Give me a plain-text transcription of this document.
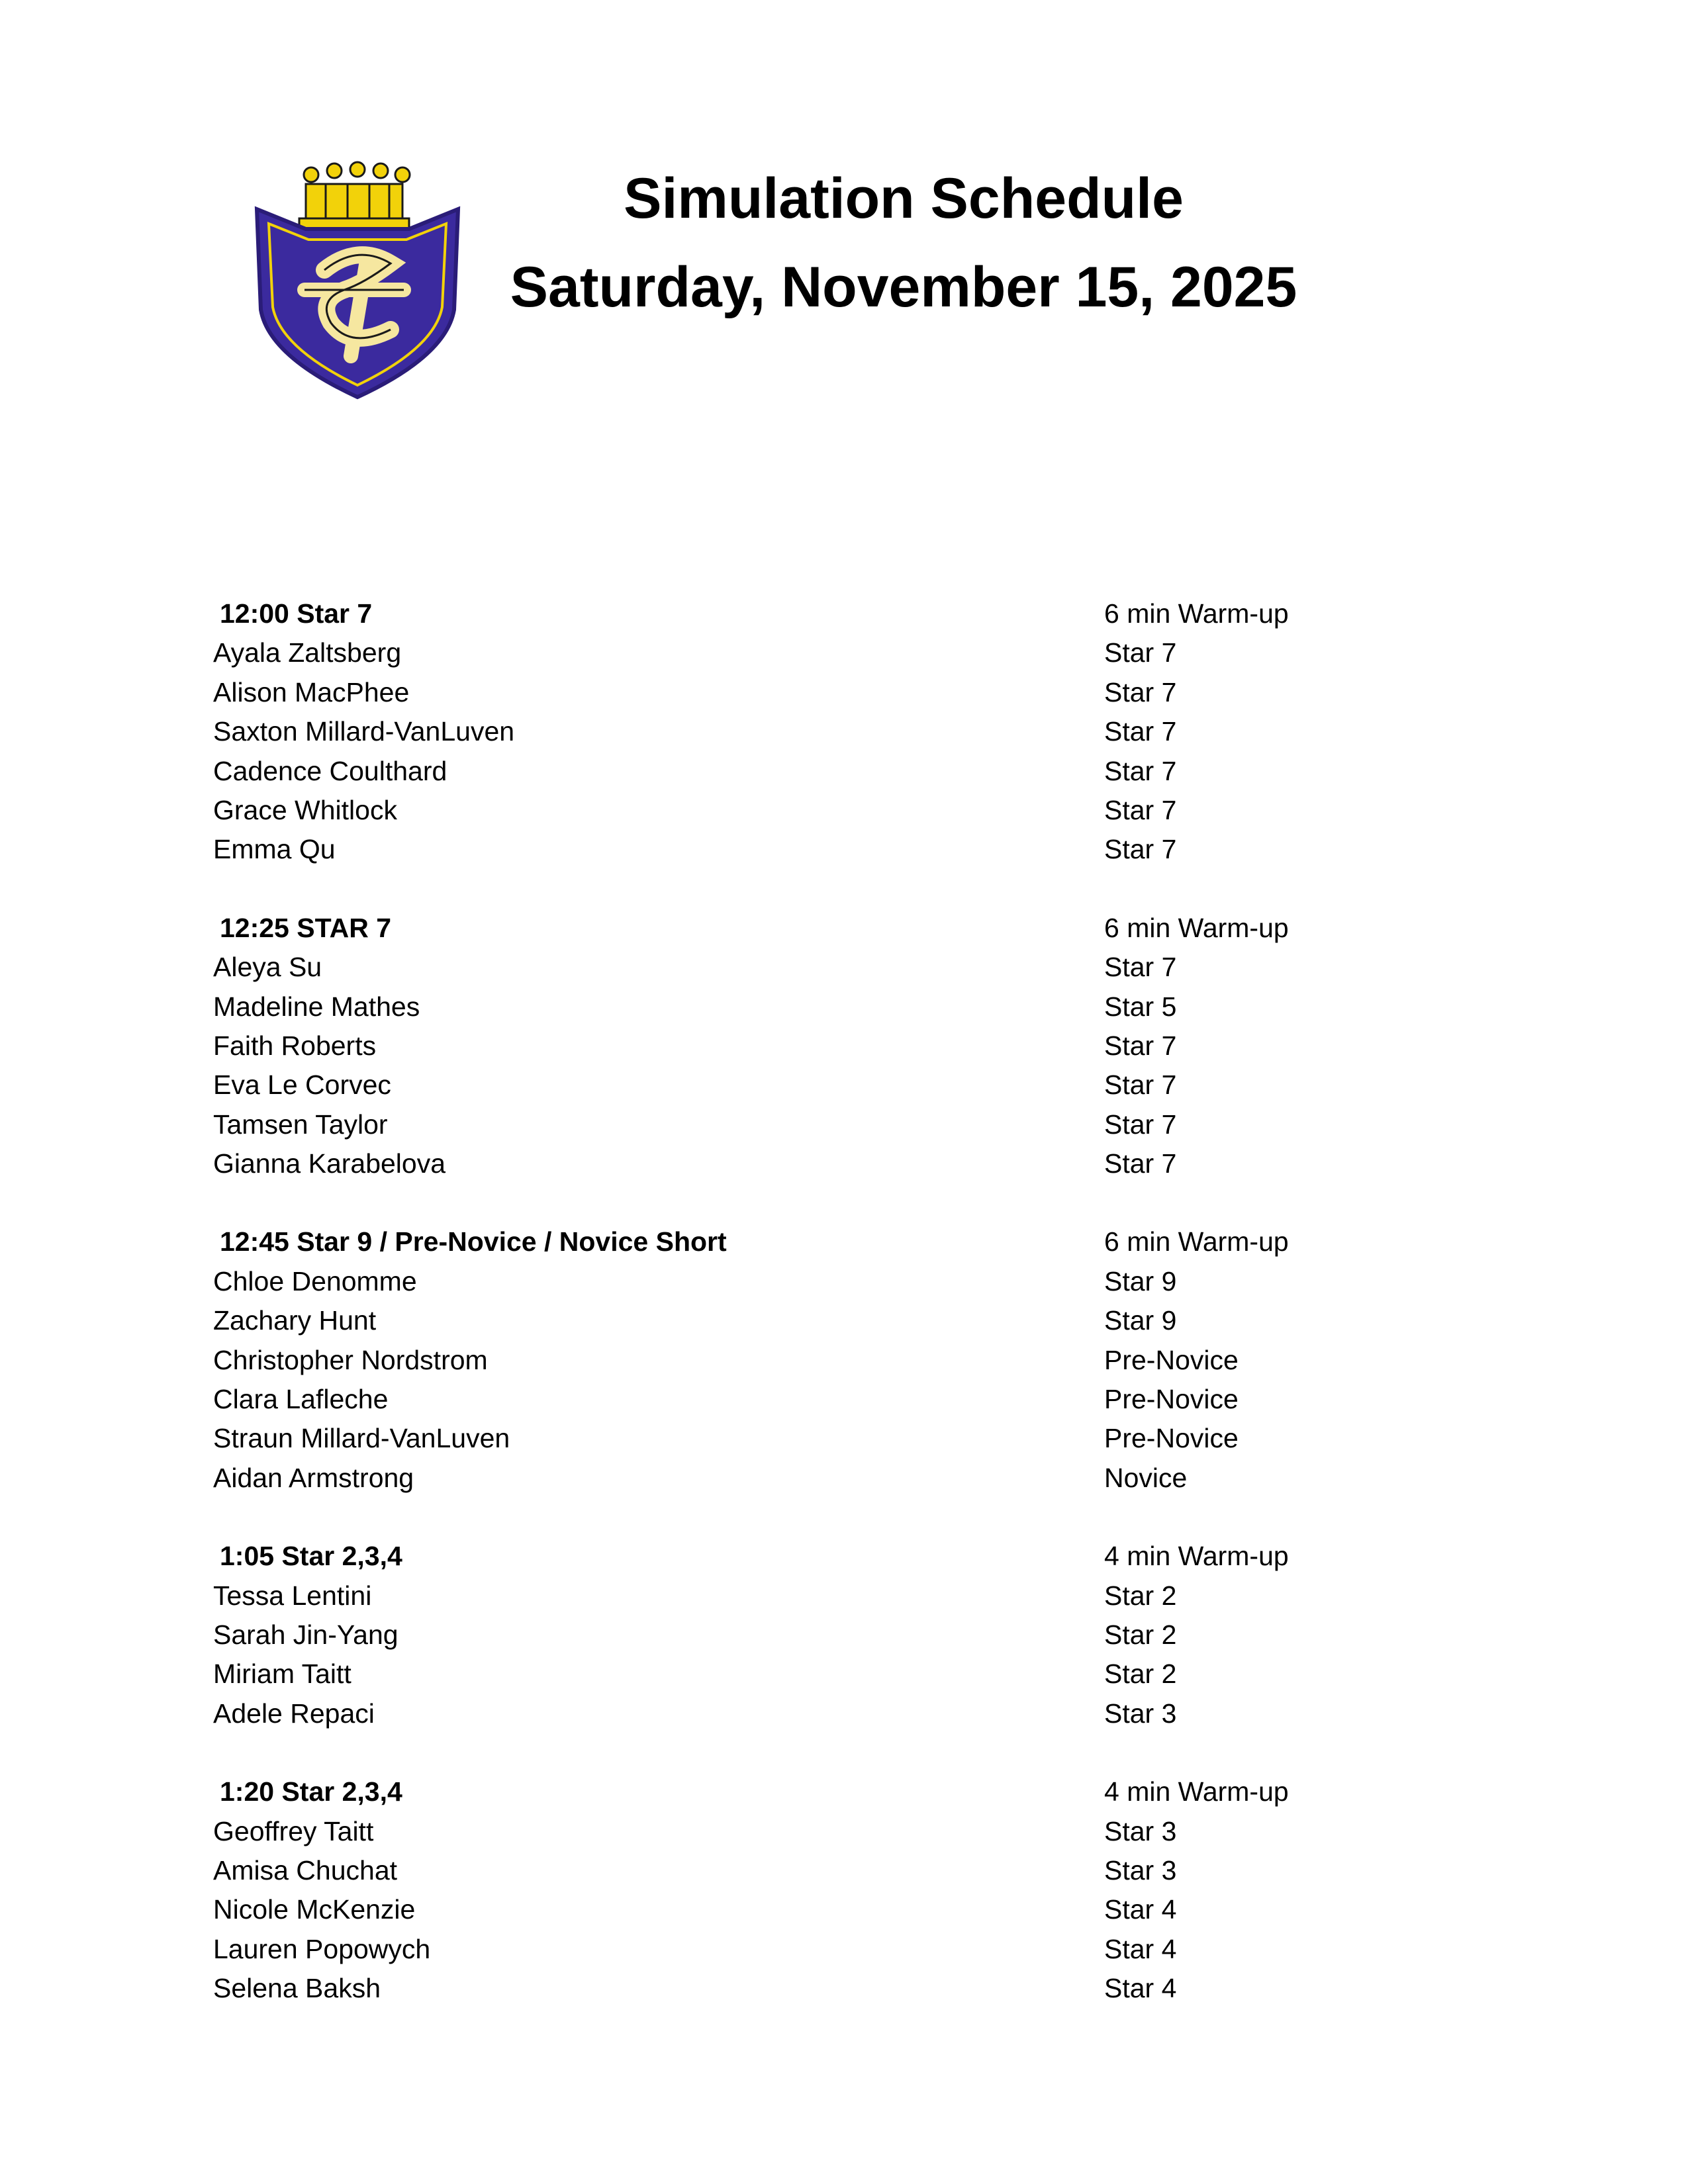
Simulation Schedule
Saturday, November 15, 2025
12:00 Star 7	6 min Warm-up
Ayala Zaltsberg	Star 7
Alison MacPhee	Star 7
Saxton Millard-VanLuven	Star 7
Cadence Coulthard	Star 7
Grace Whitlock	Star 7
Emma Qu	Star 7
12:25 STAR 7	6 min Warm-up
Aleya Su	Star 7
Madeline Mathes	Star 5
Faith Roberts	Star 7
Eva Le Corvec	Star 7
Tamsen Taylor	Star 7
Gianna Karabelova	Star 7
12:45 Star 9 / Pre-Novice / Novice Short	6 min Warm-up
Chloe Denomme	Star 9
Zachary Hunt	Star 9
Christopher Nordstrom	Pre-Novice
Clara Lafleche	Pre-Novice
Straun Millard-VanLuven	Pre-Novice
Aidan Armstrong	Novice
1:05 Star 2,3,4	4 min Warm-up
Tessa Lentini	Star 2
Sarah Jin-Yang	Star 2
Miriam Taitt	Star 2
Adele Repaci	Star 3
1:20 Star 2,3,4	4 min Warm-up
Geoffrey Taitt	Star 3
Amisa Chuchat	Star 3
Nicole McKenzie	Star 4
Lauren Popowych	Star 4
Selena Baksh	Star 4
